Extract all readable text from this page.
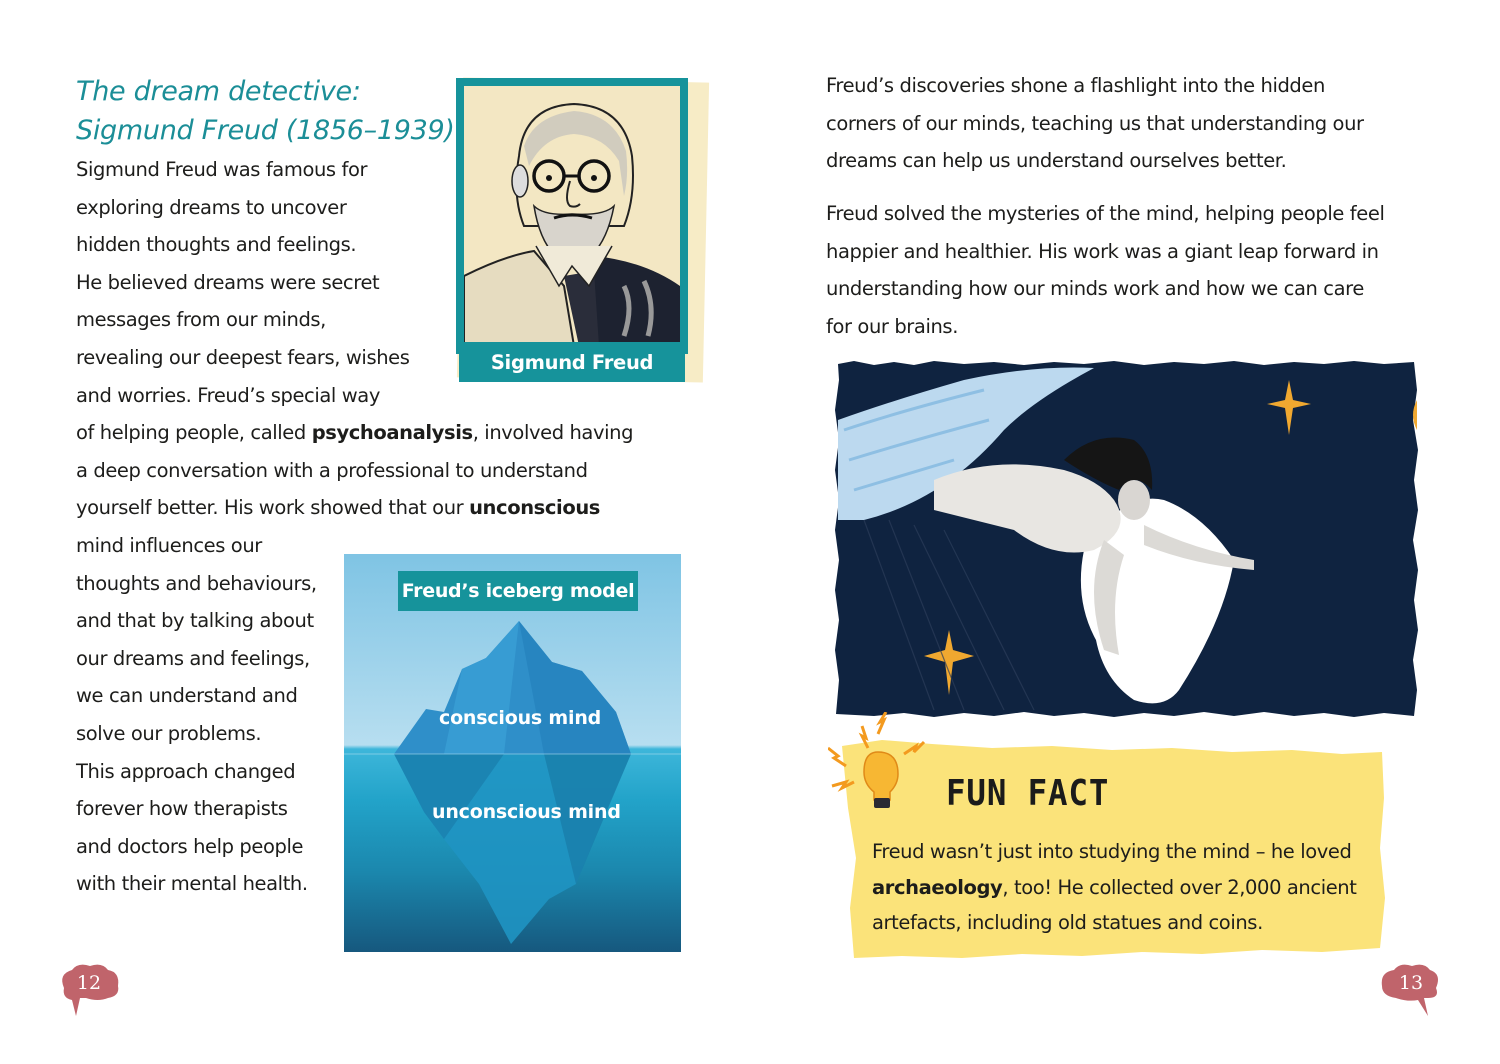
The dream detective:
Sigmund Freud (1856–1939)
Sigmund Freud was famous for
exploring dreams to uncover
hidden thoughts and feelings.
He believed dreams were secret
messages from our minds,
revealing our deepest fears, wishes
and worries. Freud’s special way
of helping people, called psychoanalysis, involved having
a deep conversation with a professional to understand
yourself better. His work showed that our unconscious
mind influences our
thoughts and behaviours,
and that by talking about
our dreams and feelings,
we can understand and
solve our problems.
This approach changed
forever how therapists
and doctors help people
with their mental health.
Sigmund Freud
Freud’s iceberg model
conscious mind
unconscious mind
12
Freud’s discoveries shone a flashlight into the hidden
corners of our minds, teaching us that understanding our
dreams can help us understand ourselves better.
Freud solved the mysteries of the mind, helping people feel
happier and healthier. His work was a giant leap forward in
understanding how our minds work and how we can care
for our brains.
FUN FACT
Freud wasn’t just into studying the mind – he loved
archaeology, too! He collected over 2,000 ancient
artefacts, including old statues and coins.
13
